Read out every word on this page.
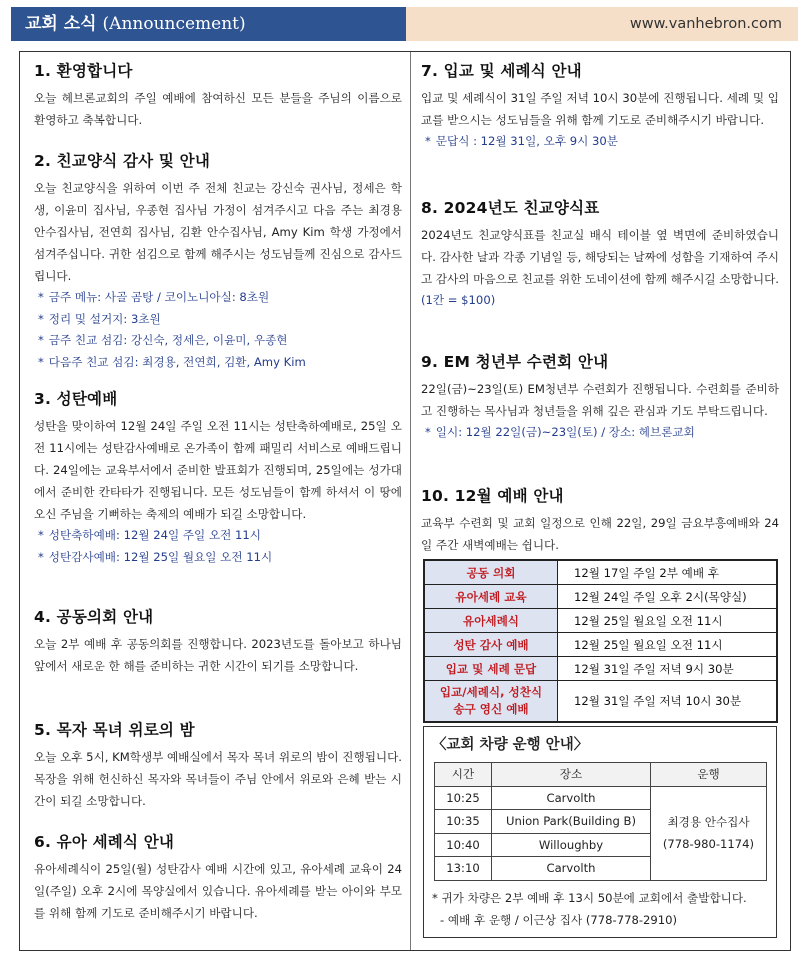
교회 소식 (Announcement)	www.vanhebron.com
1. 환영합니다

오늘 헤브론교회의 주일 예배에 참여하신 모든 분들을 주님의 이름으로 환영하고 축복합니다.

2. 친교양식 감사 및 안내

오늘 친교양식을 위하여 이번 주 전체 친교는 강신숙 권사님, 정세은 학생, 이윤미 집사님, 우종현 집사님 가정이 섬겨주시고 다음 주는 최경용 안수집사님, 전연희 집사님, 김환 안수집사님, Amy Kim 학생 가정에서 섬겨주십니다. 귀한 섬김으로 함께 해주시는 성도님들께 진심으로 감사드립니다.

* 금주 메뉴: 사골 곰탕 / 코이노니아실: 8초원
* 정리 및 설거지: 3초원
* 금주 친교 섬김: 강신숙, 정세은, 이윤미, 우종현
* 다음주 친교 섬김: 최경용, 전연희, 김환, Amy Kim
3. 성탄예배

성탄을 맞이하여 12월 24일 주일 오전 11시는 성탄축하예배로, 25일 오전 11시에는 성탄감사예배로 온가족이 함께 패밀리 서비스로 예배드립니다. 24일에는 교육부서에서 준비한 발표회가 진행되며, 25일에는 성가대에서 준비한 칸타타가 진행됩니다. 모든 성도님들이 함께 하셔서 이 땅에 오신 주님을 기뻐하는 축제의 예배가 되길 소망합니다.

* 성탄축하예배: 12월 24일 주일 오전 11시
* 성탄감사예배: 12월 25일 월요일 오전 11시
4. 공동의회 안내

오늘 2부 예배 후 공동의회를 진행합니다. 2023년도를 돌아보고 하나님 앞에서 새로운 한 해를 준비하는 귀한 시간이 되기를 소망합니다.

5. 목자 목녀 위로의 밤

오늘 오후 5시, KM학생부 예배실에서 목자 목녀 위로의 밤이 진행됩니다. 목장을 위해 헌신하신 목자와 목녀들이 주님 안에서 위로와 은혜 받는 시간이 되길 소망합니다.

6. 유아 세례식 안내

유아세례식이 25일(월) 성탄감사 예배 시간에 있고, 유아세례 교육이 24일(주일) 오후 2시에 목양실에서 있습니다. 유아세례를 받는 아이와 부모를 위해 함께 기도로 준비해주시기 바랍니다.

7. 입교 및 세례식 안내

입교 및 세례식이 31일 주일 저녁 10시 30분에 진행됩니다. 세례 및 입교를 받으시는 성도님들을 위해 함께 기도로 준비해주시기 바랍니다.

* 문답식 : 12월 31일, 오후 9시 30분
8. 2024년도 친교양식표

2024년도 친교양식표를 친교실 배식 테이블 옆 벽면에 준비하였습니다. 감사한 날과 각종 기념일 등, 해당되는 날짜에 성함을 기재하여 주시고 감사의 마음으로 친교를 위한 도네이션에 함께 해주시길 소망합니다.

(1칸 = $100)
9. EM 청년부 수련회 안내

22일(금)~23일(토) EM청년부 수련회가 진행됩니다. 수련회를 준비하고 진행하는 목사님과 청년들을 위해 깊은 관심과 기도 부탁드립니다.

* 일시: 12월 22일(금)~23일(토) / 장소: 헤브론교회
10. 12월 예배 안내

교육부 수련회 및 교회 일정으로 인해 22일, 29일 금요부흥예배와 24일 주간 새벽예배는 쉽니다.

공동 의회	12월 17일 주일 2부 예배 후
유아세례 교육	12월 24일 주일 오후 2시(목양실)
유아세례식	12월 25일 월요일 오전 11시
성탄 감사 예배	12월 25일 월요일 오전 11시
입교 및 세례 문답	12월 31일 주일 저녁 9시 30분

입교/세례식, 성찬식
송구 영신 예배	12월 31일 주일 저녁 10시 30분
〈교회 차량 운행 안내〉
시간	장소	운행
10:25	Carvolth	최경용 안수집사
(778-980-1174)

10:35	Union Park(Building B)	
10:40	Willoughby	
13:10	Carvolth	
* 귀가 차량은 2부 예배 후 13시 50분에 교회에서 출발합니다.
- 예배 후 운행 / 이근상 집사 (778-778-2910)
